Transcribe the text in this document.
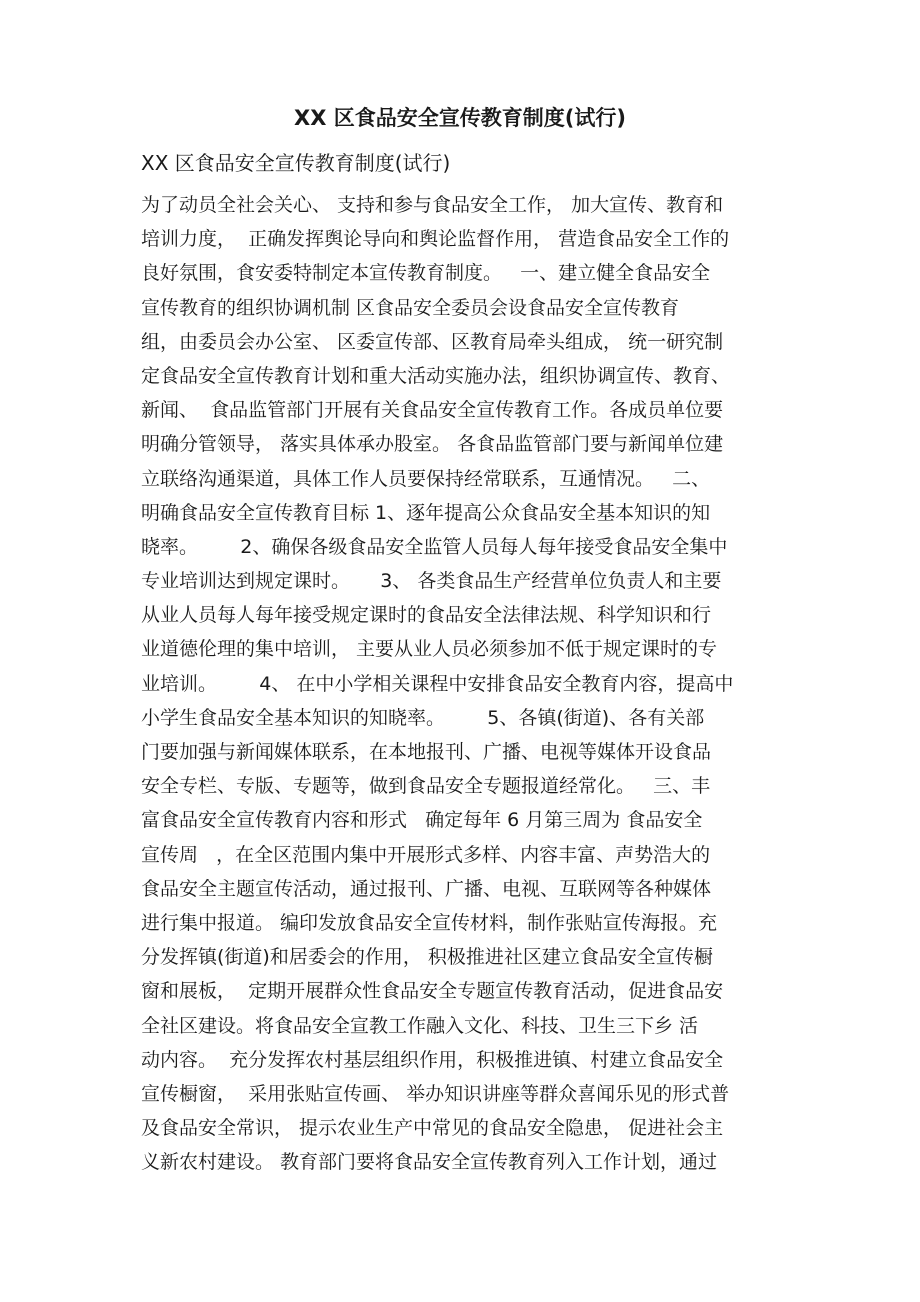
XX 区食品安全宣传教育制度(试行)

XX 区食品安全宣传教育制度(试行)

为了动员全社会关心、 支持和参与食品安全工作， 加大宣传、教育和
培训力度，  正确发挥舆论导向和舆论监督作用， 营造食品安全工作的
良好氛围，食安委特制定本宣传教育制度。   一、建立健全食品安全
宣传教育的组织协调机制 区食品安全委员会设食品安全宣传教育
组，由委员会办公室、 区委宣传部、区教育局牵头组成， 统一研究制
定食品安全宣传教育计划和重大活动实施办法，组织协调宣传、教育、
新闻、  食品监管部门开展有关食品安全宣传教育工作。各成员单位要
明确分管领导， 落实具体承办股室。 各食品监管部门要与新闻单位建
立联络沟通渠道，具体工作人员要保持经常联系，互通情况。   二、
明确食品安全宣传教育目标 1、逐年提高公众食品安全基本知识的知
晓率。       2、确保各级食品安全监管人员每人每年接受食品安全集中
专业培训达到规定课时。     3、 各类食品生产经营单位负责人和主要
从业人员每人每年接受规定课时的食品安全法律法规、科学知识和行
业道德伦理的集中培训， 主要从业人员必须参加不低于规定课时的专
业培训。       4、 在中小学相关课程中安排食品安全教育内容，提高中
小学生食品安全基本知识的知晓率。       5、各镇(街道)、各有关部
门要加强与新闻媒体联系，在本地报刊、广播、电视等媒体开设食品
安全专栏、专版、专题等，做到食品安全专题报道经常化。   三、丰
富食品安全宣传教育内容和形式   确定每年 6 月第三周为 食品安全
宣传周   ，在全区范围内集中开展形式多样、内容丰富、声势浩大的
食品安全主题宣传活动，通过报刊、广播、电视、互联网等各种媒体
进行集中报道。 编印发放食品安全宣传材料，制作张贴宣传海报。充
分发挥镇(街道)和居委会的作用， 积极推进社区建立食品安全宣传橱
窗和展板，  定期开展群众性食品安全专题宣传教育活动，促进食品安
全社区建设。将食品安全宣教工作融入文化、科技、卫生三下乡 活
动内容。  充分发挥农村基层组织作用，积极推进镇、村建立食品安全
宣传橱窗，  采用张贴宣传画、 举办知识讲座等群众喜闻乐见的形式普
及食品安全常识， 提示农业生产中常见的食品安全隐患， 促进社会主
义新农村建设。 教育部门要将食品安全宣传教育列入工作计划，通过
